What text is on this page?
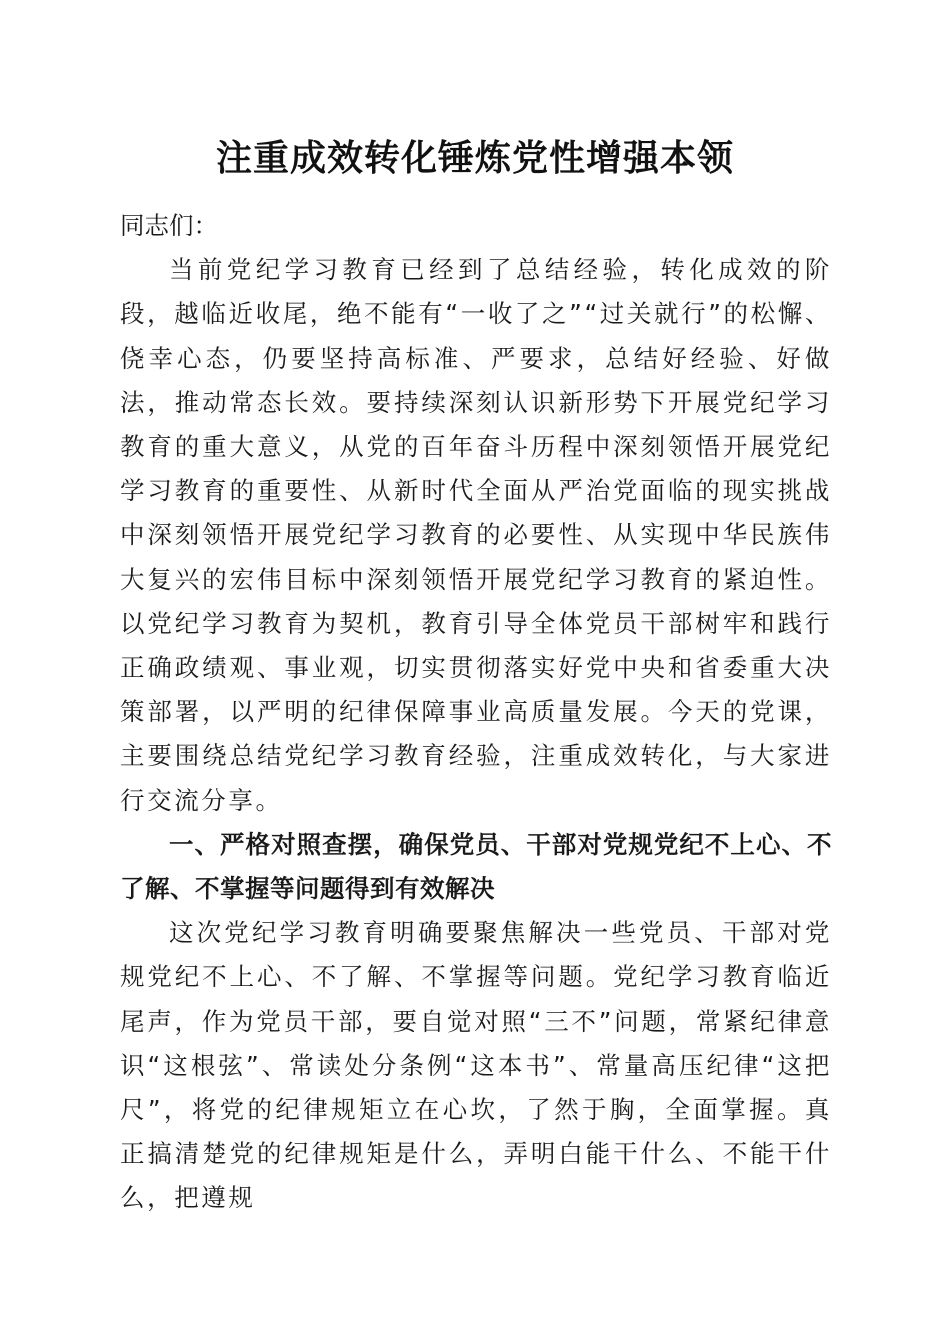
注重成效转化锤炼党性增强本领

同志们：

当前党纪学习教育已经到了总结经验，转化成效的阶段，越临近收尾，绝不能有“一收了之”“过关就行”的松懈、侥幸心态，仍要坚持高标准、严要求，总结好经验、好做法，推动常态长效。要持续深刻认识新形势下开展党纪学习教育的重大意义，从党的百年奋斗历程中深刻领悟开展党纪学习教育的重要性、从新时代全面从严治党面临的现实挑战中深刻领悟开展党纪学习教育的必要性、从实现中华民族伟大复兴的宏伟目标中深刻领悟开展党纪学习教育的紧迫性。以党纪学习教育为契机，教育引导全体党员干部树牢和践行正确政绩观、事业观，切实贯彻落实好党中央和省委重大决策部署，以严明的纪律保障事业高质量发展。今天的党课，主要围绕总结党纪学习教育经验，注重成效转化，与大家进行交流分享。

一、严格对照查摆，确保党员、干部对党规党纪不上心、不了解、不掌握等问题得到有效解决

这次党纪学习教育明确要聚焦解决一些党员、干部对党规党纪不上心、不了解、不掌握等问题。党纪学习教育临近尾声，作为党员干部，要自觉对照“三不”问题，常紧纪律意识“这根弦”、常读处分条例“这本书”、常量高压纪律“这把尺”，将党的纪律规矩立在心坎，了然于胸，全面掌握。真正搞清楚党的纪律规矩是什么，弄明白能干什么、不能干什么，把遵规
